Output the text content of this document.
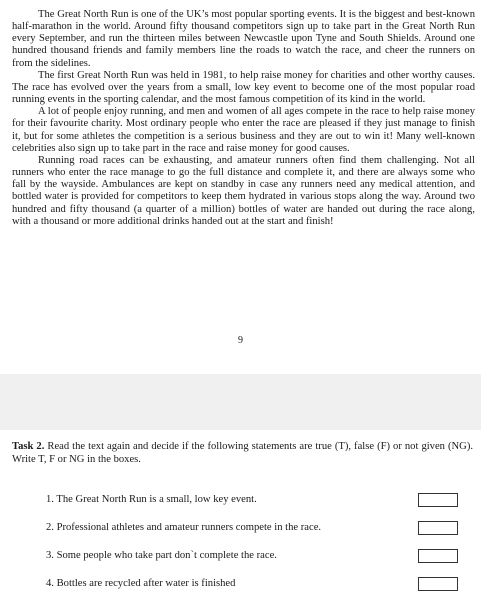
The Great North Run is one of the UK’s most popular sporting events. It is the biggest and best-known half-marathon in the world. Around fifty thousand competitors sign up to take part in the Great North Run every September, and run the thirteen miles between Newcastle upon Tyne and South Shields. Around one hundred thousand friends and family members line the roads to watch the race, and cheer the runners on from the sidelines.

The first Great North Run was held in 1981, to help raise money for charities and other worthy causes. The race has evolved over the years from a small, low key event to become one of the most popular road running events in the sporting calendar, and the most famous competition of its kind in the world.

A lot of people enjoy running, and men and women of all ages compete in the race to help raise money for their favourite charity. Most ordinary people who enter the race are pleased if they just manage to finish it, but for some athletes the competition is a serious business and they are out to win it! Many well-known celebrities also sign up to take part in the race and raise money for good causes.

Running road races can be exhausting, and amateur runners often find them challenging. Not all runners who enter the race manage to go the full distance and complete it, and there are always some who fall by the wayside. Ambulances are kept on standby in case any runners need any medical attention, and bottled water is provided for competitors to keep them hydrated in various stops along the way. Around two hundred and fifty thousand (a quarter of a million) bottles of water are handed out during the race along, with a thousand or more additional drinks handed out at the start and finish!

9
Task 2. Read the text again and decide if the following statements are true (T), false (F) or not given (NG). Write T, F or NG in the boxes.
1. The Great North Run is a small, low key event.
2. Professional athletes and amateur runners compete in the race.
3. Some people who take part don`t complete the race.
4. Bottles are recycled after water is finished
